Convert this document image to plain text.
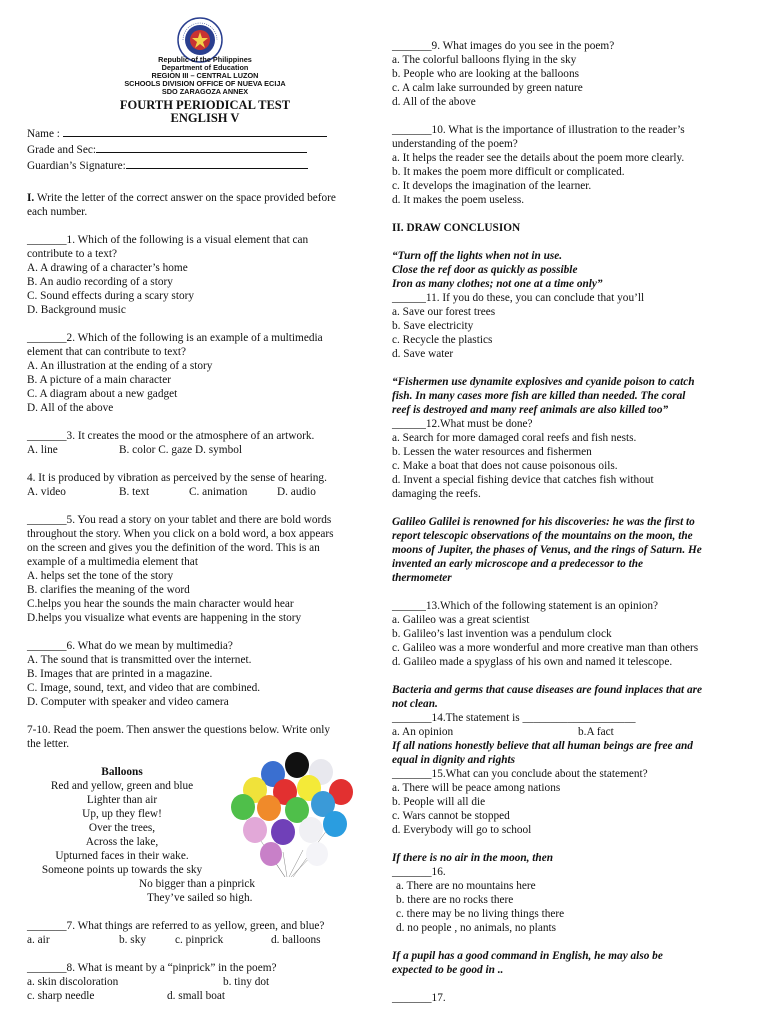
Republic of the Philippines
Department of Education
REGION III – CENTRAL LUZON
SCHOOLS DIVISION OFFICE OF NUEVA ECIJA
SDO ZARAGOZA ANNEX
FOURTH PERIODICAL TEST
ENGLISH V
Name :
Grade and Sec:
Guardian’s Signature:
I. Write the letter of the correct answer on the space provided before
each number.
_______1. Which of the following is a visual element that can
contribute to a text?
A. A drawing of a character’s home
B. An audio recording of a story
C. Sound effects during a scary story
D. Background music
_______2. Which of the following is an example of a multimedia
element that can contribute to text?
A. An illustration at the ending of a story
B. A picture of a main character
C. A diagram about a new gadget
D. All of the above
_______3. It creates the mood or the atmosphere of an artwork.
A. line	B. color C. gaze D. symbol
4. It is produced by vibration as perceived by the sense of hearing.
A. video	B. text	C. animation	D. audio
_______5. You read a story on your tablet and there are bold words
throughout the story. When you click on a bold word, a box appears
on the screen and gives you the definition of the word. This is an
example of a multimedia element that
A. helps set the tone of the story
B. clarifies the meaning of the word
C.helps you hear the sounds the main character would hear
D.helps you visualize what events are happening in the story
_______6. What do we mean by multimedia?
A. The sound that is transmitted over the internet.
B. Images that are printed in a magazine.
C. Image, sound, text, and video that are combined.
D. Computer with speaker and video camera
7-10. Read the poem. Then answer the questions below. Write only
the letter.
Balloons
Red and yellow, green and blue
Lighter than air
Up, up they flew!
Over the trees,
Across the lake,
Upturned faces in their wake.
Someone points up towards the sky
No bigger than a pinprick
They’ve sailed so high.
_______7. What things are referred to as yellow, green, and blue?
a. air	b. sky	c. pinprick	d. balloons
_______8. What is meant by a “pinprick” in the poem?
a. skin discoloration	b. tiny dot
c. sharp needle	d. small boat
_______9. What images do you see in the poem?
a. The colorful balloons flying in the sky
b. People who are looking at the balloons
c. A calm lake surrounded by green nature
d. All of the above
_______10. What is the importance of illustration to the reader’s
understanding of the poem?
a. It helps the reader see the details about the poem more clearly.
b. It makes the poem more difficult or complicated.
c. It develops the imagination of the learner.
d. It makes the poem useless.
II. DRAW CONCLUSION
“Turn off the lights when not in use.
Close the ref door as quickly as possible
Iron as many clothes; not one at a time only”
______11. If you do these, you can conclude that you’ll
a. Save our forest trees
b. Save electricity
c. Recycle the plastics
d. Save water
“Fishermen use dynamite explosives and cyanide poison to catch
fish. In many cases more fish are killed than needed. The coral
reef is destroyed and many reef animals are also killed too”
______12.What must be done?
a. Search for more damaged coral reefs and fish nests.
b. Lessen the water resources and fishermen
c. Make a boat that does not cause poisonous oils.
d. Invent a special fishing device that catches fish without
damaging the reefs.
Galileo Galilei is renowned for his discoveries: he was the first to
report telescopic observations of the mountains on the moon, the
moons of Jupiter, the phases of Venus, and the rings of Saturn. He
invented an early microscope and a predecessor to the
thermometer
______13.Which of the following statement is an opinion?
a. Galileo was a great scientist
b. Galileo’s last invention was a pendulum clock
c. Galileo was a more wonderful and more creative man than others
d. Galileo made a spyglass of his own and named it telescope.
Bacteria and germs that cause diseases are found inplaces that are
not clean.
_______14.The statement is ____________________
a. An opinion	b.A fact
If all nations honestly believe that all human beings are free and
equal in dignity and rights
_______15.What can you conclude about the statement?
a. There will be peace among nations
b. People will all die
c. Wars cannot be stopped
d. Everybody will go to school
If there is no air in the moon, then
_______16.
a. There are no mountains here
b. there are no rocks there
c. there may be no living things there
d. no people , no animals, no plants
If a pupil has a good command in English, he may also be
expected to be good in ..
_______17.
